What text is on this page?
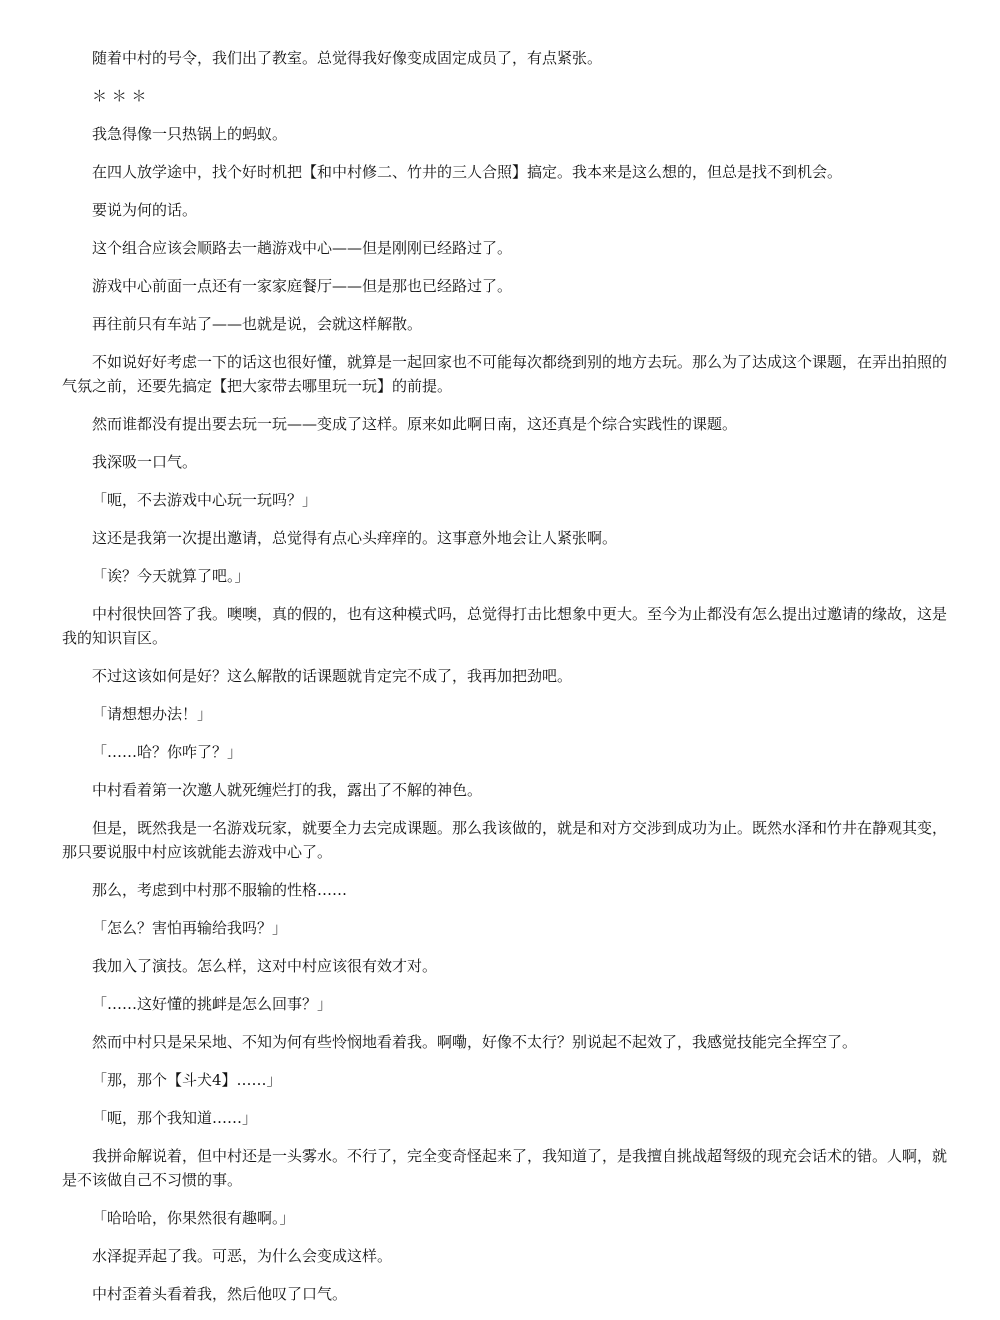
随着中村的号令，我们出了教室。总觉得我好像变成固定成员了，有点紧张。

＊ ＊ ＊

我急得像一只热锅上的蚂蚁。

在四人放学途中，找个好时机把【和中村修二、竹井的三人合照】搞定。我本来是这么想的，但总是找不到机会。

要说为何的话。

这个组合应该会顺路去一趟游戏中心——但是刚刚已经路过了。

游戏中心前面一点还有一家家庭餐厅——但是那也已经路过了。

再往前只有车站了——也就是说，会就这样解散。

不如说好好考虑一下的话这也很好懂，就算是一起回家也不可能每次都绕到别的地方去玩。那么为了达成这个课题，在弄出拍照的气氛之前，还要先搞定【把大家带去哪里玩一玩】的前提。

然而谁都没有提出要去玩一玩——变成了这样。原来如此啊日南，这还真是个综合实践性的课题。

我深吸一口气。

「呃，不去游戏中心玩一玩吗？」

这还是我第一次提出邀请，总觉得有点心头痒痒的。这事意外地会让人紧张啊。

「诶？今天就算了吧。」

中村很快回答了我。噢噢，真的假的，也有这种模式吗，总觉得打击比想象中更大。至今为止都没有怎么提出过邀请的缘故，这是我的知识盲区。

不过这该如何是好？这么解散的话课题就肯定完不成了，我再加把劲吧。

「请想想办法！」

「……哈？你咋了？」

中村看着第一次邀人就死缠烂打的我，露出了不解的神色。

但是，既然我是一名游戏玩家，就要全力去完成课题。那么我该做的，就是和对方交涉到成功为止。既然水泽和竹井在静观其变，那只要说服中村应该就能去游戏中心了。

那么，考虑到中村那不服输的性格……

「怎么？害怕再输给我吗？」

我加入了演技。怎么样，这对中村应该很有效才对。

「……这好懂的挑衅是怎么回事？」

然而中村只是呆呆地、不知为何有些怜悯地看着我。啊嘞，好像不太行？别说起不起效了，我感觉技能完全挥空了。

「那，那个【斗犬4】……」

「呃，那个我知道……」

我拼命解说着，但中村还是一头雾水。不行了，完全变奇怪起来了，我知道了，是我擅自挑战超弩级的现充会话术的错。人啊，就是不该做自己不习惯的事。

「哈哈哈，你果然很有趣啊。」

水泽捉弄起了我。可恶，为什么会变成这样。

中村歪着头看着我，然后他叹了口气。
